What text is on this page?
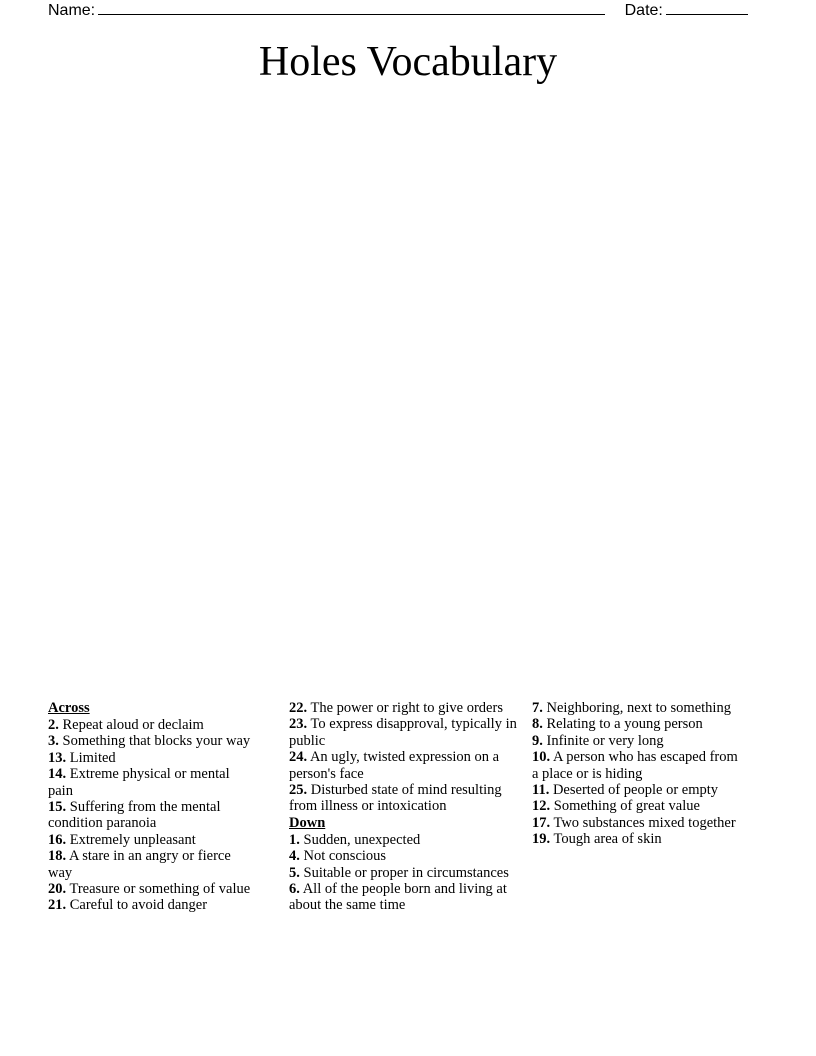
Name:	Date:
Holes Vocabulary
Across
2. Repeat aloud or declaim
3. Something that blocks your way
13. Limited
14. Extreme physical or mental pain
15. Suffering from the mental condition paranoia
16. Extremely unpleasant
18. A stare in an angry or fierce way
20. Treasure or something of value
21. Careful to avoid danger
22. The power or right to give orders
23. To express disapproval, typically in public
24. An ugly, twisted expression on a person's face
25. Disturbed state of mind resulting from illness or intoxication
Down
1. Sudden, unexpected
4. Not conscious
5. Suitable or proper in circumstances
6. All of the people born and living at about the same time
7. Neighboring, next to something
8. Relating to a young person
9. Infinite or very long
10. A person who has escaped from a place or is hiding
11. Deserted of people or empty
12. Something of great value
17. Two substances mixed together
19. Tough area of skin
